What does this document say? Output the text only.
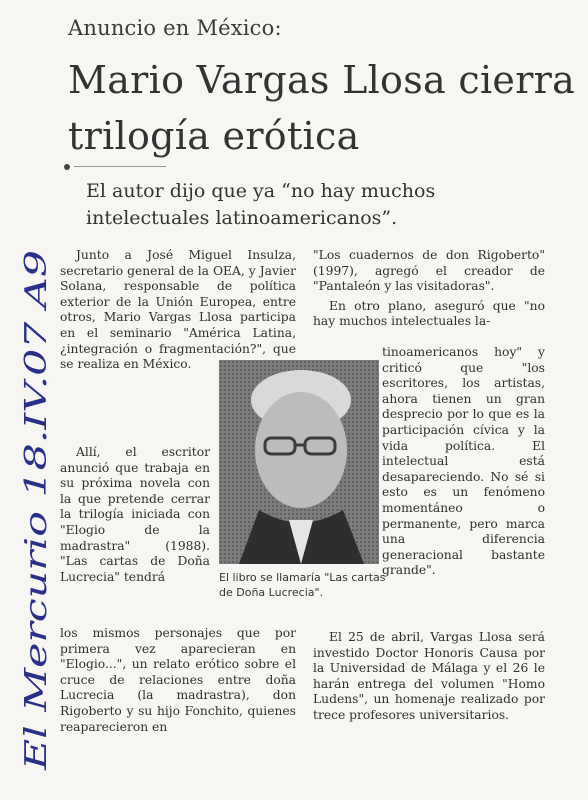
Anuncio en México:
Mario Vargas Llosa cierra trilogía erótica
El autor dijo que ya “no hay muchos intelectuales latinoamericanos”.

Junto a José Miguel Insulza, secretario general de la OEA, y Javier Solana, responsable de política exterior de la Unión Europea, entre otros, Mario Vargas Llosa participa en el seminario "América Latina, ¿integración o fragmentación?", que se realiza en México.

Allí, el escritor anunció que trabaja en su próxima novela con la que pretende cerrar la trilogía iniciada con "Elogio de la madrastra" (1988). "Las cartas de Doña Lucrecia" tendrá

los mismos personajes que por primera vez aparecieran en "Elogio...", un relato erótico sobre el cruce de relaciones entre doña Lucrecia (la madrastra), don Rigoberto y su hijo Fonchito, quienes reaparecieron en

"Los cuadernos de don Rigoberto" (1997), agregó el creador de "Pantaleón y las visitadoras".

En otro plano, aseguró que "no hay muchos intelectuales la-

tinoamericanos hoy" y criticó que "los escritores, los artistas, ahora tienen un gran desprecio por lo que es la participación cívica y la vida política. El intelectual está desapareciendo. No sé si esto es un fenómeno momentáneo o permanente, pero marca una diferencia generacional bastante grande".

El 25 de abril, Vargas Llosa será investido Doctor Honoris Causa por la Universidad de Málaga y el 26 le harán entrega del volumen "Homo Ludens", un homenaje realizado por trece profesores universitarios.

El libro se llamaría "Las cartas de Doña Lucrecia".
El Mercurio 18.IV.07 A9
